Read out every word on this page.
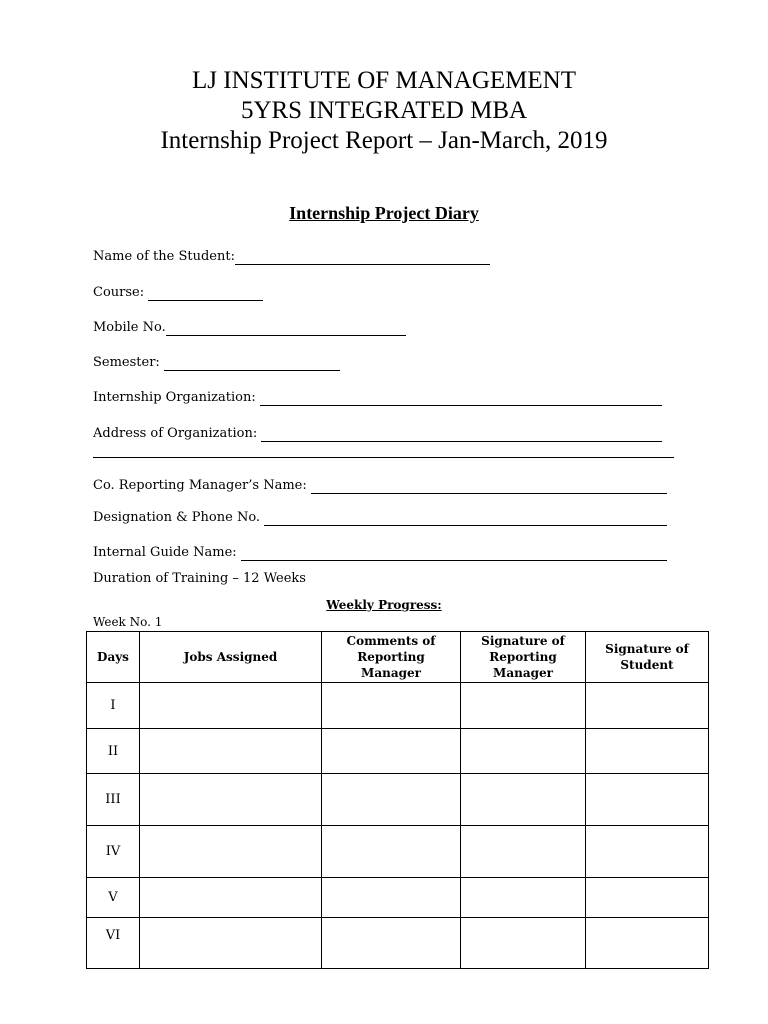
LJ INSTITUTE OF MANAGEMENT
5YRS INTEGRATED MBA
Internship Project Report – Jan-March, 2019
Internship Project Diary
Name of the Student:
Course:
Mobile No.
Semester:
Internship Organization:
Address of Organization:
Co. Reporting Manager’s Name:
Designation & Phone No.
Internal Guide Name:
Duration of Training – 12 Weeks
Weekly Progress:
Week No. 1
Days	Jobs Assigned	Comments of Reporting Manager	Signature of Reporting Manager	Signature of Student
I				
II				
III				
IV				
V				
VI				
